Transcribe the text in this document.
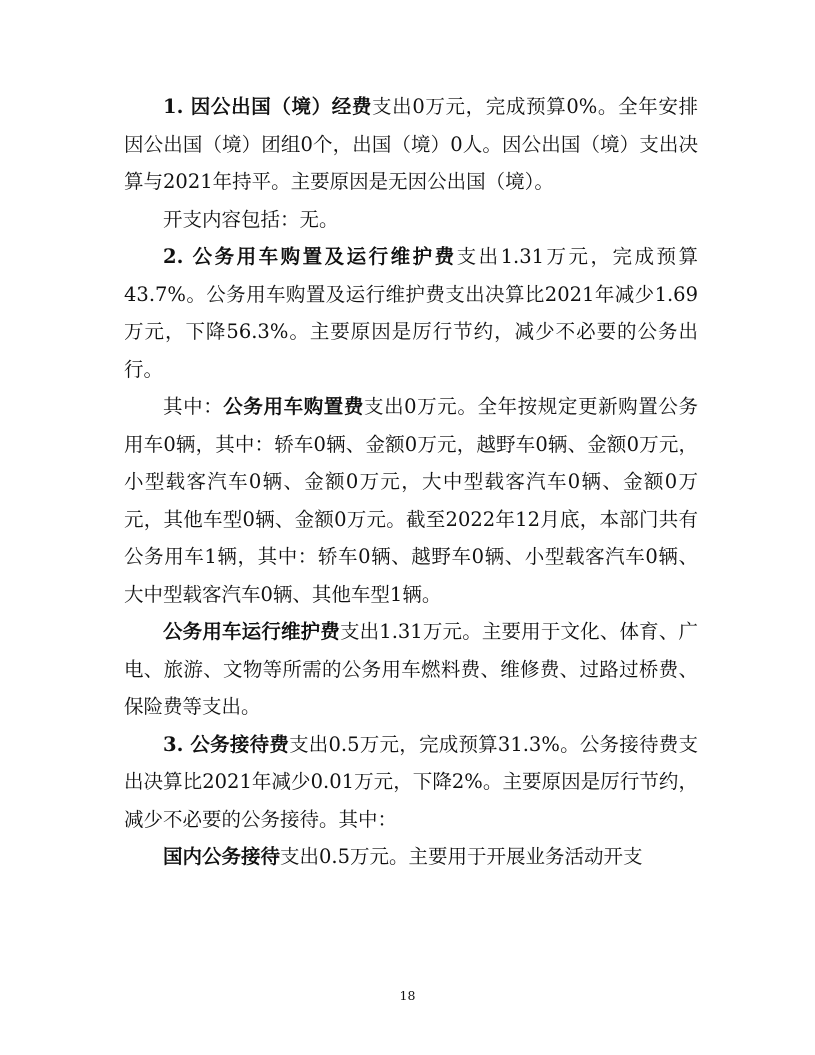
1. 因公出国（境）经费支出0万元，完成预算0%。全年安排因公出国（境）团组0个，出国（境）0人。因公出国（境）支出决算与2021年持平。主要原因是无因公出国（境）。

开支内容包括：无。

2. 公务用车购置及运行维护费支出1.31万元，完成预算43.7%。公务用车购置及运行维护费支出决算比2021年减少1.69万元，下降56.3%。主要原因是厉行节约，减少不必要的公务出行。

其中：公务用车购置费支出0万元。全年按规定更新购置公务用车0辆，其中：轿车0辆、金额0万元，越野车0辆、金额0万元，小型载客汽车0辆、金额0万元，大中型载客汽车0辆、金额0万元，其他车型0辆、金额0万元。截至2022年12月底，本部门共有公务用车1辆，其中：轿车0辆、越野车0辆、小型载客汽车0辆、大中型载客汽车0辆、其他车型1辆。

公务用车运行维护费支出1.31万元。主要用于文化、体育、广电、旅游、文物等所需的公务用车燃料费、维修费、过路过桥费、保险费等支出。

3. 公务接待费支出0.5万元，完成预算31.3%。公务接待费支出决算比2021年减少0.01万元，下降2%。主要原因是厉行节约，减少不必要的公务接待。其中：

国内公务接待支出0.5万元。主要用于开展业务活动开支

18
